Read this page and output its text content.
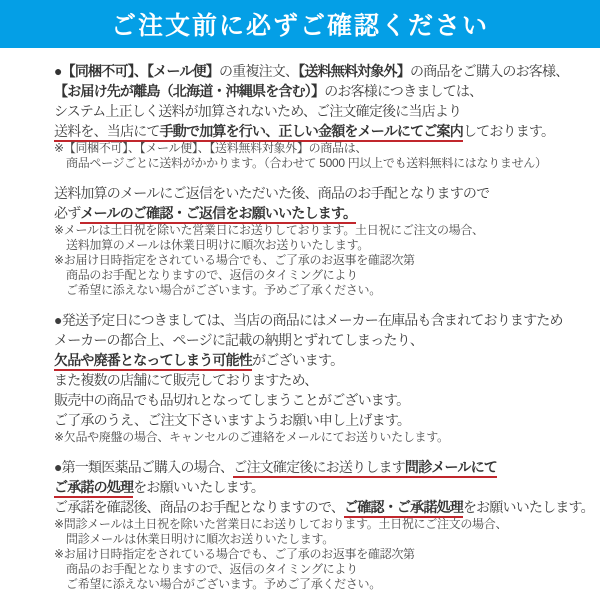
ご注文前に必ずご確認ください

●【同梱不可】、【メール便】の重複注文、【送料無料対象外】の商品をご購入のお客様、

【お届け先が離島（北海道・沖縄県を含む）】のお客様につきましては、

システム上正しく送料が加算されないため、ご注文確定後に当店より

送料を、当店にて手動で加算を行い、正しい金額をメールにてご案内しております。

※【同梱不可】、【メール便】、【送料無料対象外】の商品は、

商品ページごとに送料がかかります。（合わせて 5000 円以上でも送料無料にはなりません）

送料加算のメールにご返信をいただいた後、商品のお手配となりますので

必ずメールのご確認・ご返信をお願いいたします。

※メールは土日祝を除いた営業日にお送りしております。土日祝にご注文の場合、

送料加算のメールは休業日明けに順次お送りいたします。

※お届け日時指定をされている場合でも、ご了承のお返事を確認次第

商品のお手配となりますので、返信のタイミングにより

ご希望に添えない場合がございます。予めご了承ください。

●発送予定日につきましては、当店の商品にはメーカー在庫品も含まれておりますため

メーカーの都合上、ページに記載の納期とずれてしまったり、

欠品や廃番となってしまう可能性がございます。

また複数の店舗にて販売しておりますため、

販売中の商品でも品切れとなってしまうことがございます。

ご了承のうえ、ご注文下さいますようお願い申し上げます。

※欠品や廃盤の場合、キャンセルのご連絡をメールにてお送りいたします。

●第一類医薬品ご購入の場合、ご注文確定後にお送りします問診メールにて

ご承諾の処理をお願いいたします。

ご承諾を確認後、商品のお手配となりますので、ご確認・ご承諾処理をお願いいたします。

※問診メールは土日祝を除いた営業日にお送りしております。土日祝にご注文の場合、

問診メールは休業日明けに順次お送りいたします。

※お届け日時指定をされている場合でも、ご了承のお返事を確認次第

商品のお手配となりますので、返信のタイミングにより

ご希望に添えない場合がございます。予めご了承ください。
